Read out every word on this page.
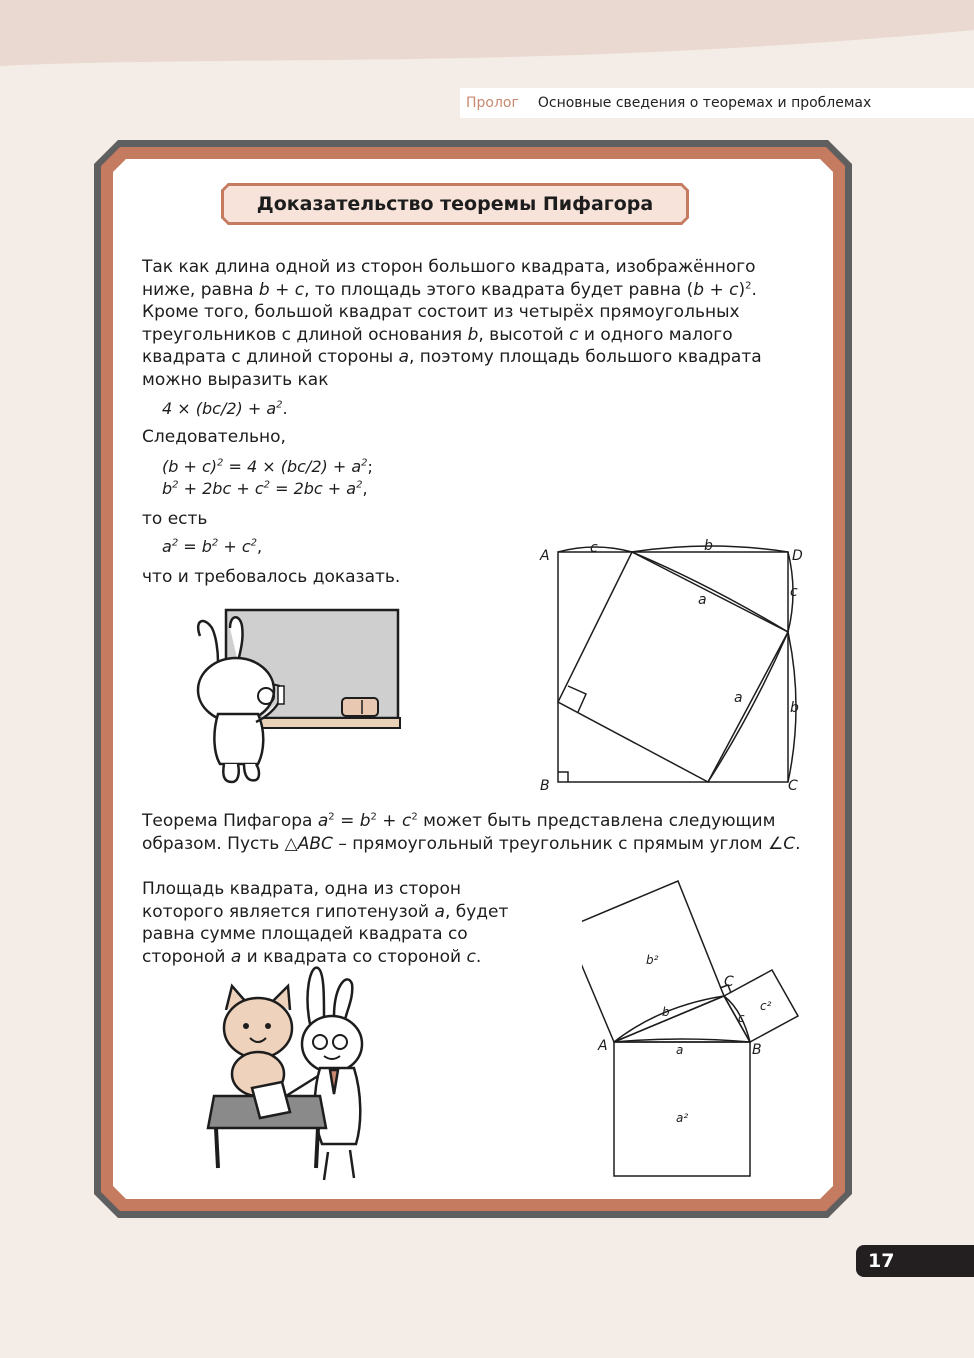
Пролог Основные сведения о теоремах и проблемах
Доказательство теоремы Пифагора

Так как длина одной из сторон большого квадрата, изображённого
ниже, равна b + c, то площадь этого квадрата будет равна $(b + c)^2$.
Кроме того, большой квадрат состоит из четырёх прямоугольных
треугольников с длиной основания b, высотой c и одного малого
квадрата с длиной стороны a, поэтому площадь большого квадрата
можно выразить как

$4 \times (bc/2) + a^2$.

Следовательно,

$(b + c)^2 = 4 \times (bc/2) + a^2$;

$b^2 + 2bc + c^2 = 2bc + a^2$,

то есть

$a^2 = b^2 + c^2$,

что и требовалось доказать.

A	D
B	C
c	b
c
b
a
a

Теорема Пифагора $a^2 = b^2 + c^2$ может быть представлена следующим
образом. Пусть △ABC – прямоугольный треугольник с прямым углом ∠C.

Площадь квадрата, одна из сторон
которого является гипотенузой a, будет
равна сумме площадей квадрата со
стороной a и квадрата со стороной c.

A	B
C
a
b	c
b²
c²
a²
17
